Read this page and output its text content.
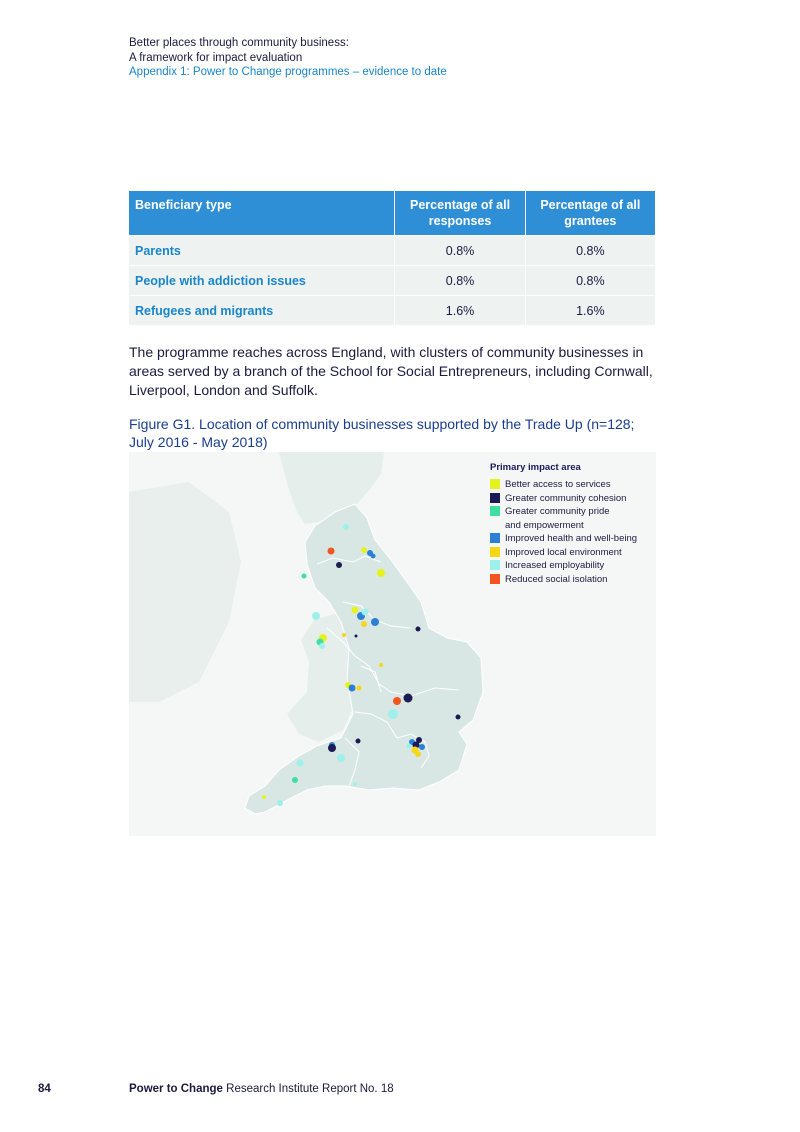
Better places through community business:
A framework for impact evaluation
Appendix 1: Power to Change programmes – evidence to date
Beneficiary type	Percentage of all responses	Percentage of all grantees
Parents	0.8%	0.8%
People with addiction issues	0.8%	0.8%
Refugees and migrants	1.6%	1.6%

The programme reaches across England, with clusters of community businesses in areas served by a branch of the School for Social Entrepreneurs, including Cornwall, Liverpool, London and Suffolk.

Figure G1. Location of community businesses supported by the Trade Up (n=128; July 2016 - May 2018)

Primary impact area
Better access to services
Greater community cohesion
Greater community pride
and empowerment
Improved health and well-being
Improved local environment
Increased employability
Reduced social isolation
84	Power to Change Research Institute Report No. 18
